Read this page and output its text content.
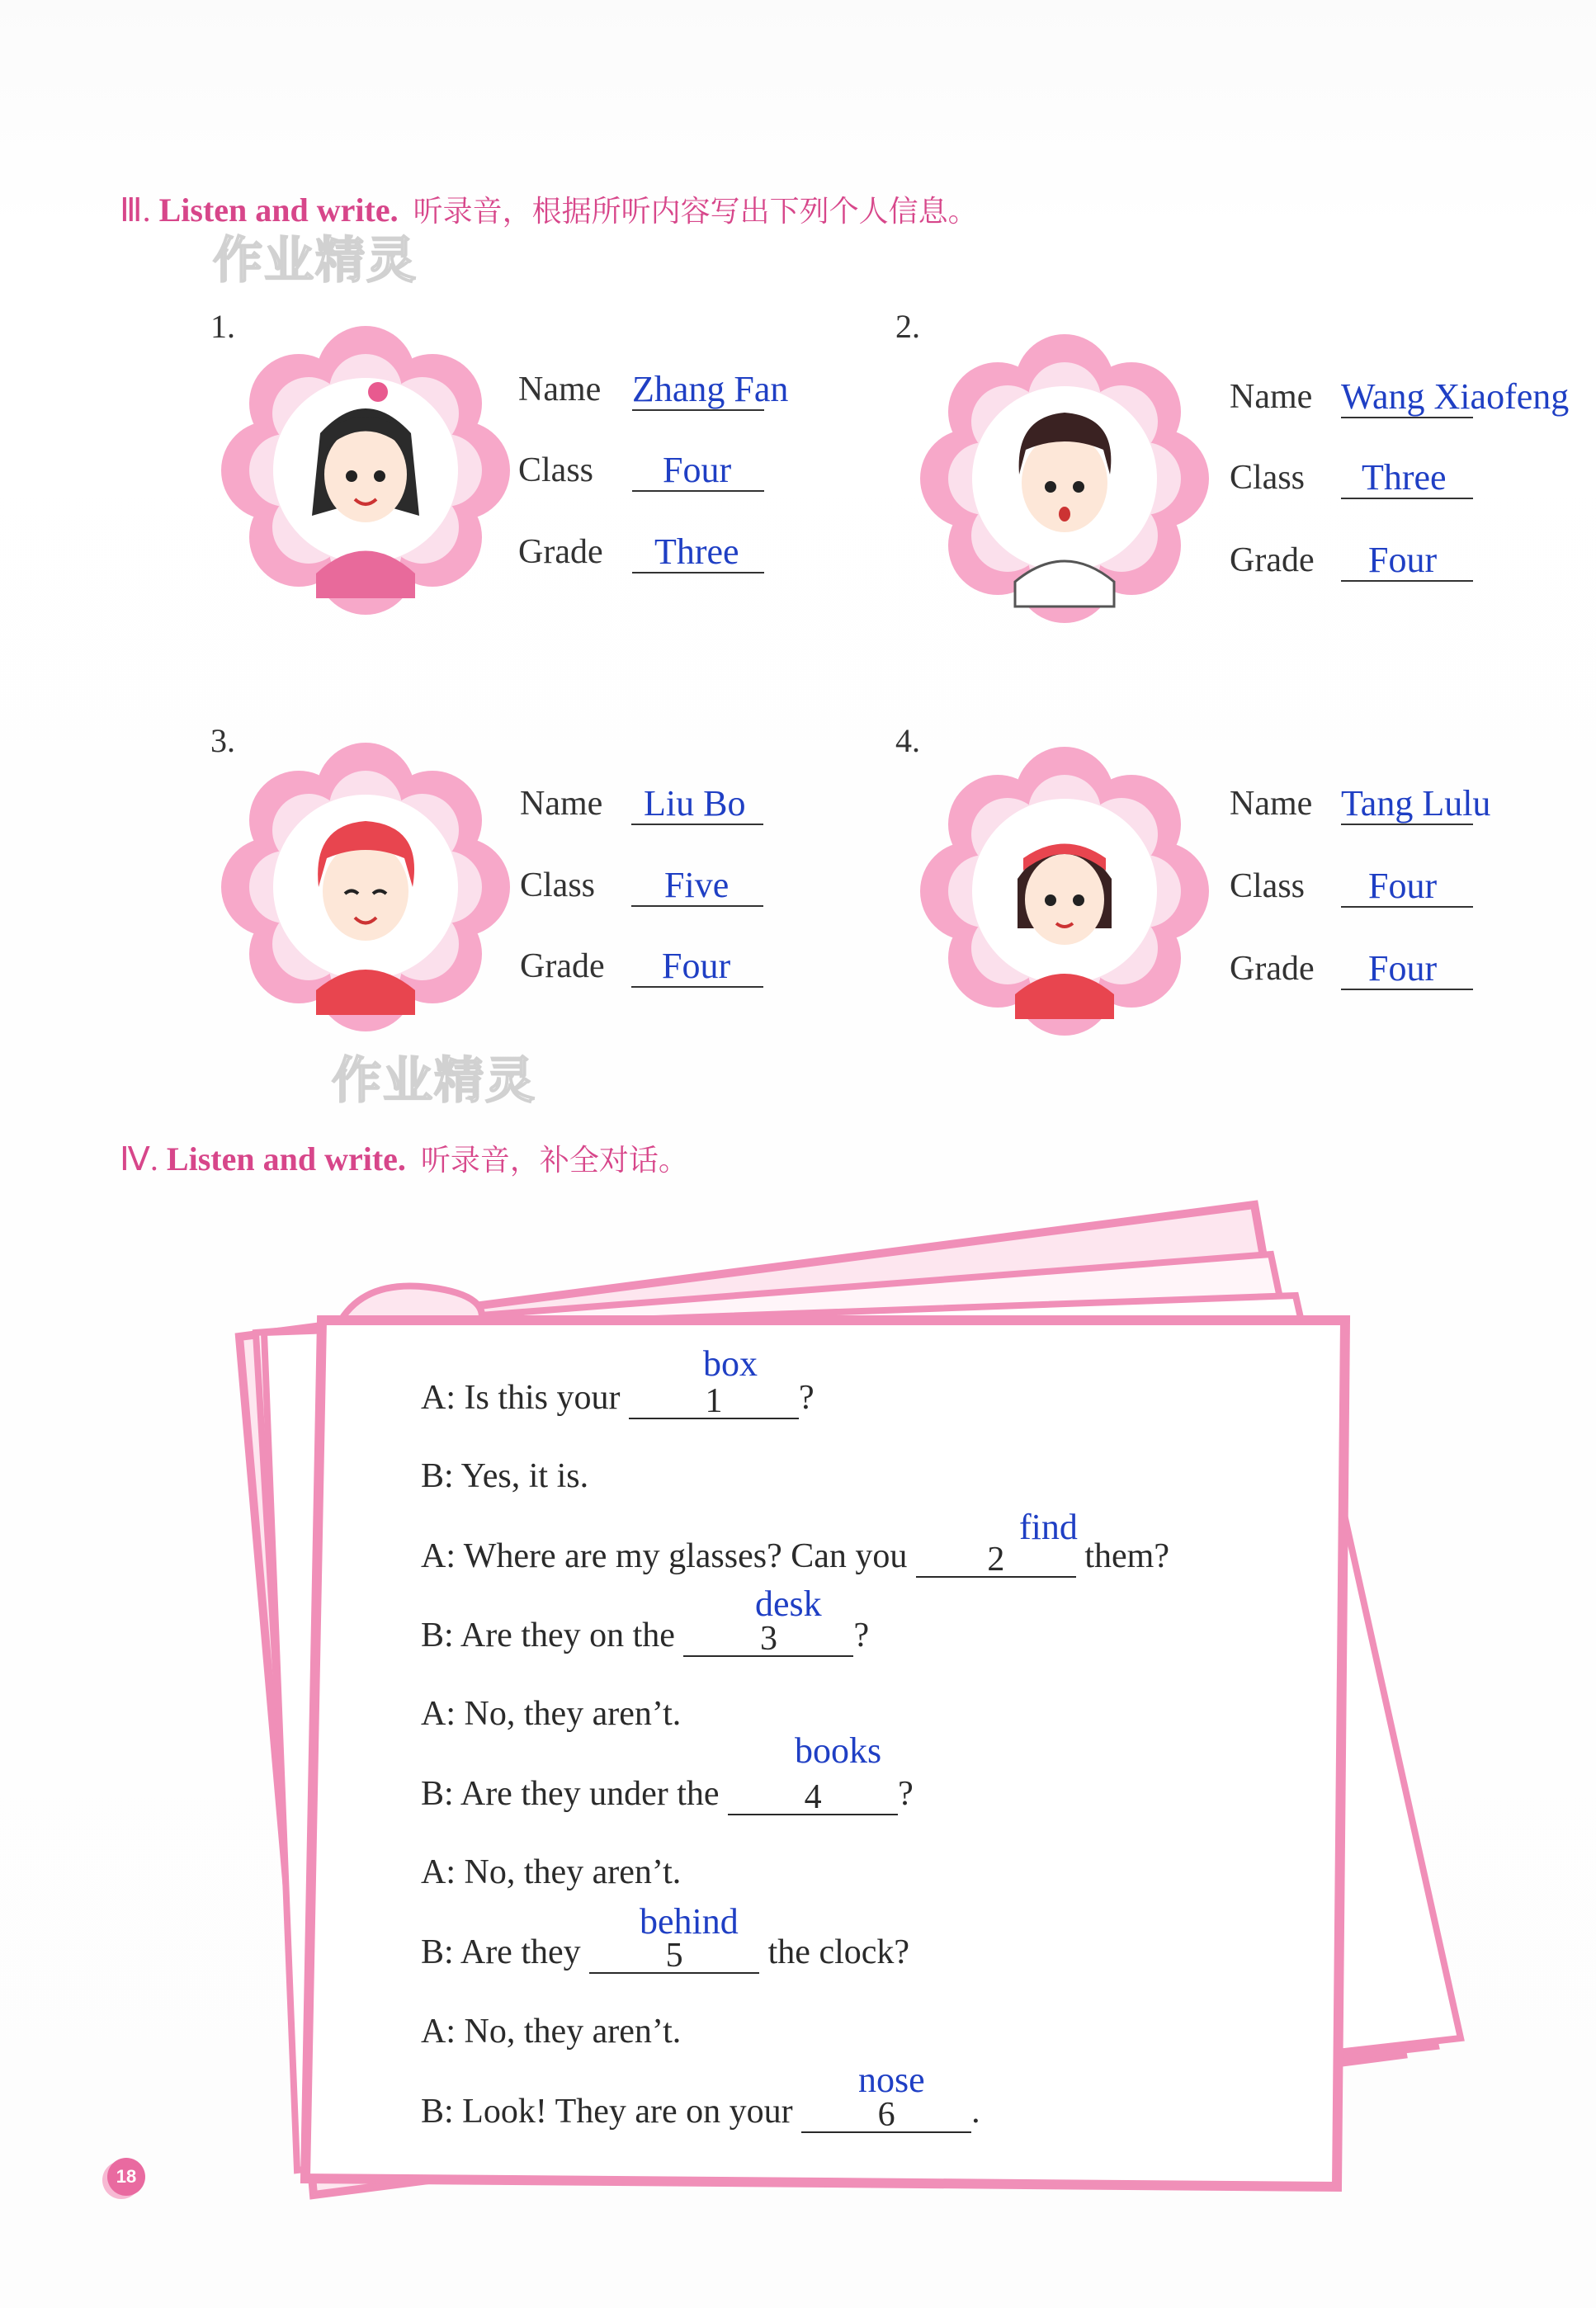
Ⅲ. Listen and write. 听录音，根据所听内容写出下列个人信息。
作业精灵
1.
Name Zhang Fan
Class Four
Grade Three
2.
Name Wang Xiaofeng
Class Three
Grade Four
3.
Name Liu Bo
Class Five
Grade Four
4.
Name Tang Lulu
Class Four
Grade Four
作业精灵
Ⅳ. Listen and write. 听录音，补全对话。
A: Is this your	1	?
box
B: Yes, it is.
A: Where are my glasses? Can you	2	them?
find
B: Are they on the	3	?
desk
A: No, they aren’t.
B: Are they under the	4	?
books
A: No, they aren’t.
B: Are they	5	the clock?
behind
A: No, they aren’t.
B: Look! They are on your	6	.
nose
18
